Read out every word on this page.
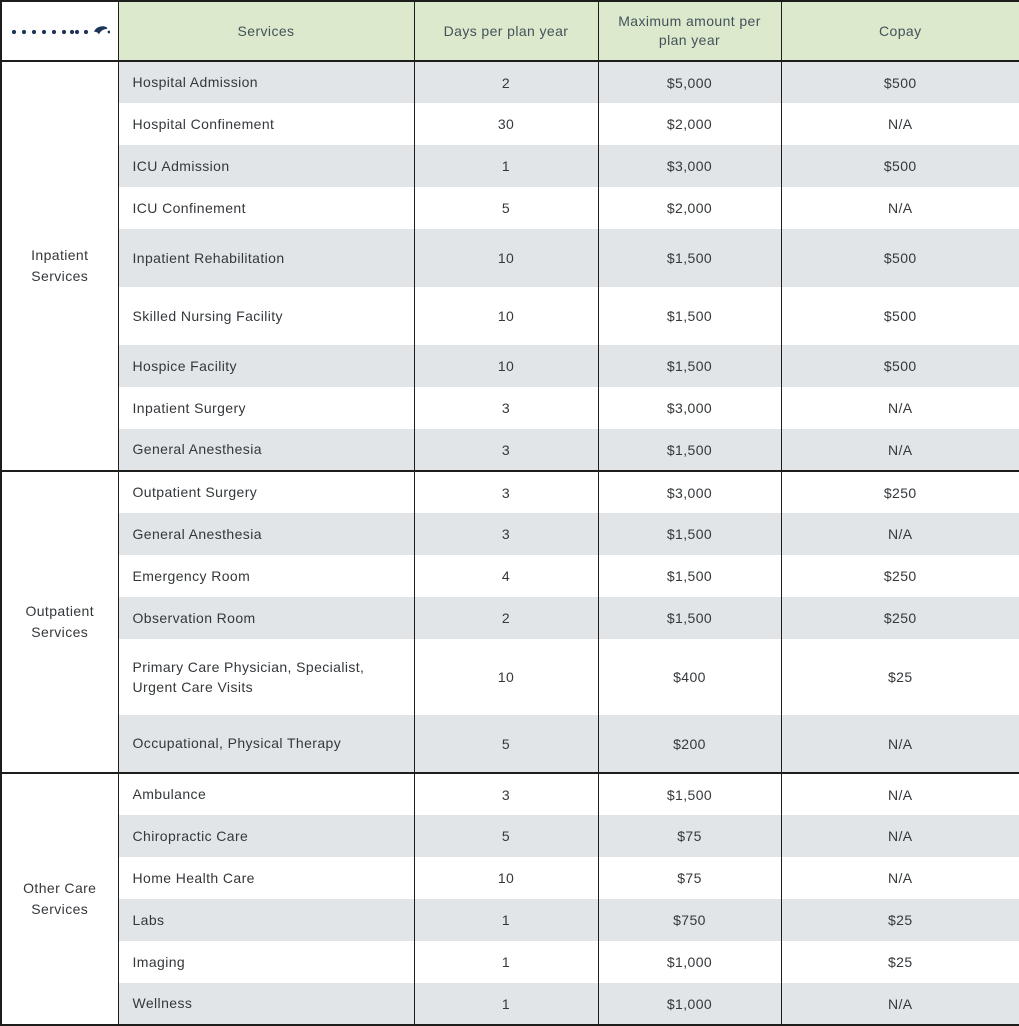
	Services	Days per plan year	Maximum amount per plan year	Copay
Inpatient Services	Hospital Admission	2	$5,000	$500
	Hospital Confinement	30	$2,000	N/A
	ICU Admission	1	$3,000	$500
	ICU Confinement	5	$2,000	N/A
	Inpatient Rehabilitation	10	$1,500	$500
	Skilled Nursing Facility	10	$1,500	$500
	Hospice Facility	10	$1,500	$500
	Inpatient Surgery	3	$3,000	N/A
	General Anesthesia	3	$1,500	N/A
Outpatient Services	Outpatient Surgery	3	$3,000	$250
	General Anesthesia	3	$1,500	N/A
	Emergency Room	4	$1,500	$250
	Observation Room	2	$1,500	$250
	Primary Care Physician, Specialist, Urgent Care Visits	10	$400	$25
	Occupational, Physical Therapy	5	$200	N/A
Other Care Services	Ambulance	3	$1,500	N/A
	Chiropractic Care	5	$75	N/A
	Home Health Care	10	$75	N/A
	Labs	1	$750	$25
	Imaging	1	$1,000	$25
	Wellness	1	$1,000	N/A
